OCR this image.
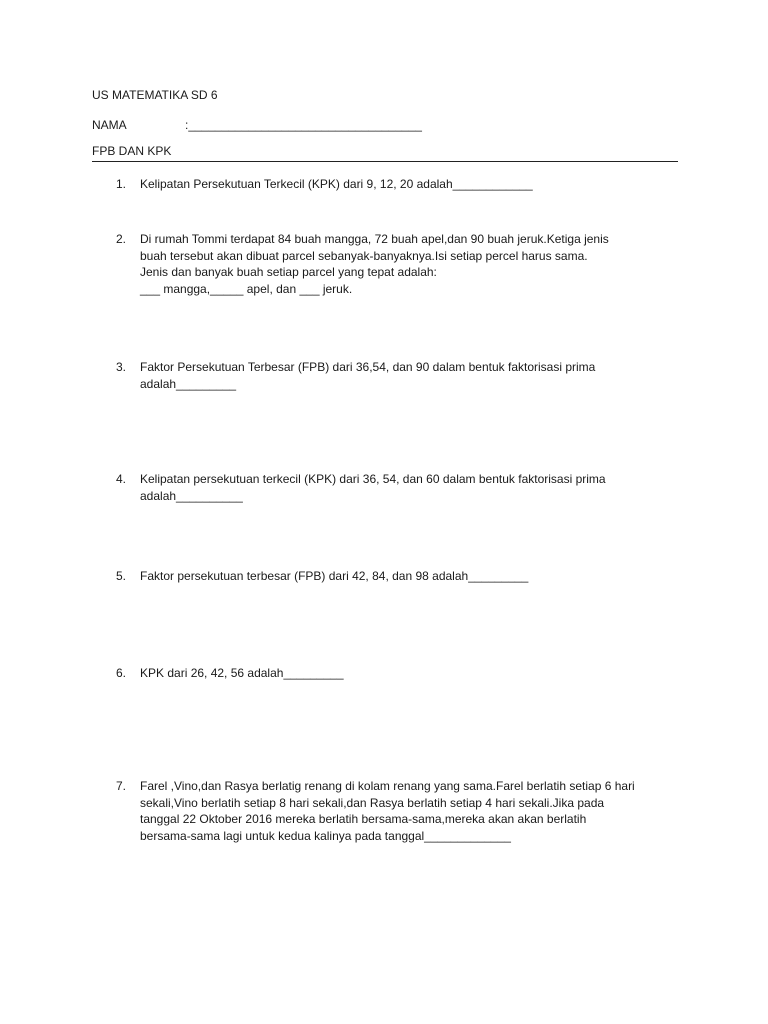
US MATEMATIKA SD 6
NAMA	:___________________________________
FPB DAN KPK
1.	Kelipatan Persekutuan Terkecil (KPK) dari 9, 12, 20 adalah____________
2.	Di rumah Tommi terdapat 84 buah mangga, 72 buah apel,dan 90 buah jeruk.Ketiga jenis
buah tersebut akan dibuat parcel sebanyak-banyaknya.Isi setiap percel harus sama.
Jenis dan banyak buah setiap parcel yang tepat adalah:
___ mangga,_____ apel, dan ___ jeruk.
3.	Faktor Persekutuan Terbesar (FPB) dari 36,54, dan 90 dalam bentuk faktorisasi prima
adalah_________
4.	Kelipatan persekutuan terkecil (KPK) dari 36, 54, dan 60 dalam bentuk faktorisasi prima
adalah__________
5.	Faktor persekutuan terbesar (FPB) dari 42, 84, dan 98 adalah_________
6.	KPK dari 26, 42, 56 adalah_________
7.	Farel ,Vino,dan Rasya berlatig renang di kolam renang yang sama.Farel berlatih setiap 6 hari
sekali,Vino berlatih setiap 8 hari sekali,dan Rasya berlatih setiap 4 hari sekali.Jika pada
tanggal 22 Oktober 2016 mereka berlatih bersama-sama,mereka akan akan berlatih
bersama-sama lagi untuk kedua kalinya pada tanggal_____________
